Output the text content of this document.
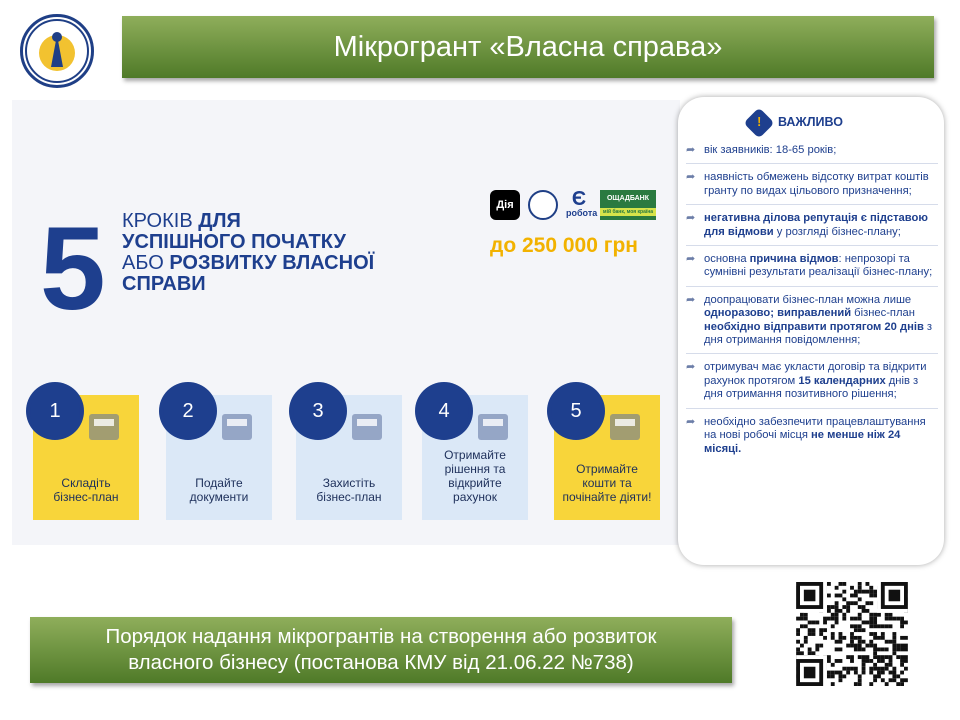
Мікрогрант «Власна справа»
5 КРОКІВ ДЛЯ
УСПІШНОГО ПОЧАТКУ
АБО РОЗВИТКУ ВЛАСНОЇ
СПРАВИ
Дія	Є
робота
ОЩАДБАНК
мій банк, моя країна
до 250 000 грн
Складіть бізнес-план
1
Подайте документи
2
Захистіть бізнес-план
3
Отримайте рішення та відкрийте рахунок
4
Отримайте кошти та почінайте діяти!
5
! ВАЖЛИВО
➦ вік заявників: 18-65 років;
➦ наявність обмежень відсотку витрат коштів гранту по видах цільового призначення;
➦ негативна ділова репутація є підставою для відмови у розгляді бізнес-плану;
➦ основна причина відмов: непрозорі та сумнівні результати реалізації бізнес-плану;
➦ доопрацювати бізнес-план можна лише одноразово; виправлений бізнес-план необхідно відправити протягом 20 днів з дня отримання повідомлення;
➦ отримувач має укласти договір та відкрити рахунок протягом 15 календарних днів з дня отримання позитивного рішення;
➦ необхідно забезпечити працевлаштування на нові робочі місця не менше ніж 24 місяці.
Порядок надання мікрогрантів на створення або розвиток
власного бізнесу (постанова КМУ від 21.06.22 №738)
